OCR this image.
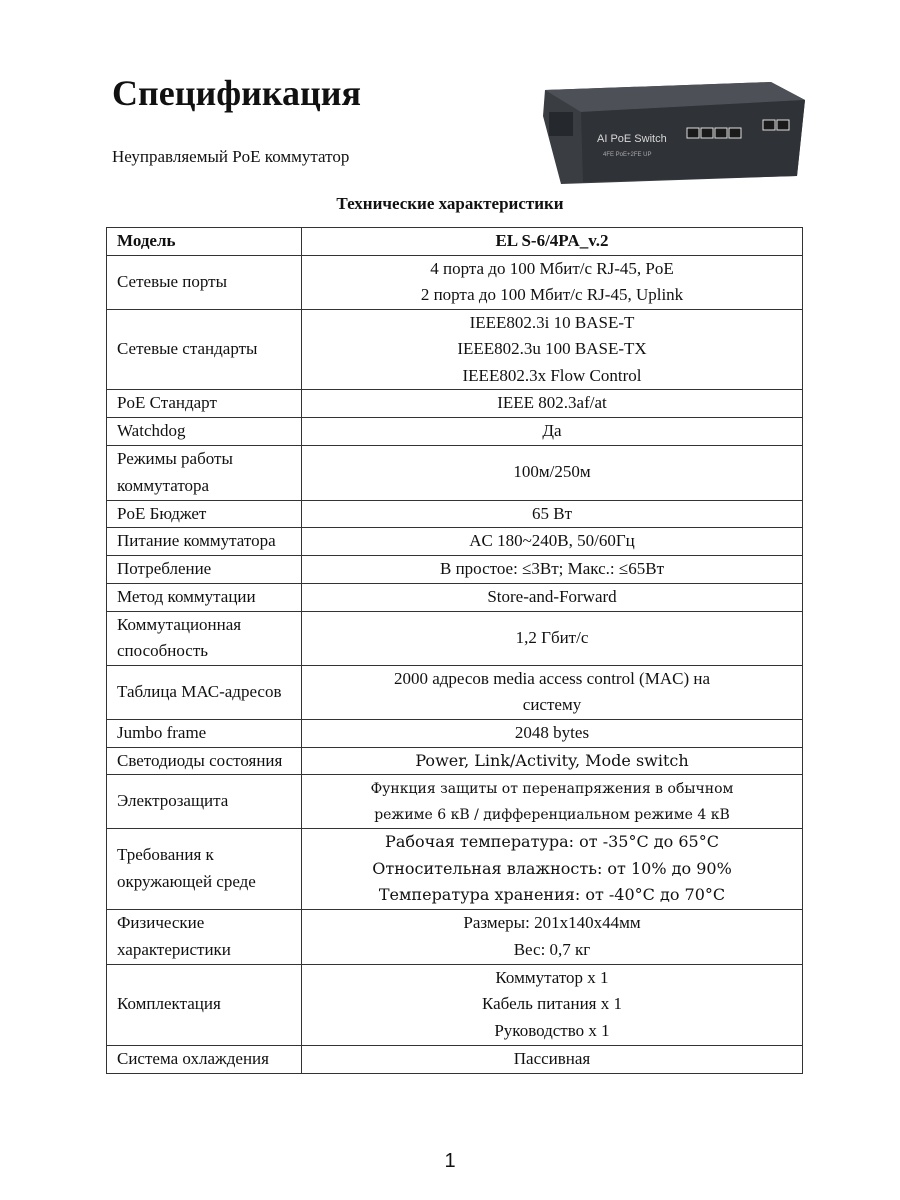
Спецификация
Неуправляемый PoE коммутатор
AI PoE Switch
4FE PoE+2FE UP
Технические характеристики
Модель	EL S-6/4PA_v.2

Сетевые порты	4 порта до 100 Мбит/с RJ-45, PoE
2 порта до 100 Мбит/с RJ-45, Uplink

Сетевые стандарты	IEEE802.3i 10 BASE-T
IEEE802.3u 100 BASE-TX
IEEE802.3x Flow Control

PoE Стандарт	IEEE 802.3af/at

Watchdog	Да

Режимы работы
коммутатора	100м/250м

PoE Бюджет	65 Вт

Питание коммутатора	AC 180~240В, 50/60Гц

Потребление	В простое: ≤3Вт; Макс.: ≤65Вт

Метод коммутации	Store-and-Forward

Коммутационная
способность	1,2 Гбит/с

Таблица МАС-адресов	2000 адресов media access control (MAC) на
систему

Jumbo frame	2048 bytes

Светодиоды состояния	Power, Link/Activity, Mode switch

Электрозащита	Функция защиты от перенапряжения в обычном
режиме 6 кВ / дифференциальном режиме 4 кВ

Требования к
окружающей среде	Рабочая температура: от -35°C до 65°C
Относительная влажность: от 10% до 90%
Температура хранения: от -40°C до 70°C

Физические
характеристики	Размеры: 201x140x44мм
Вес: 0,7 кг

Комплектация	Коммутатор x 1
Кабель питания x 1
Руководство x 1

Система охлаждения	Пассивная
1
